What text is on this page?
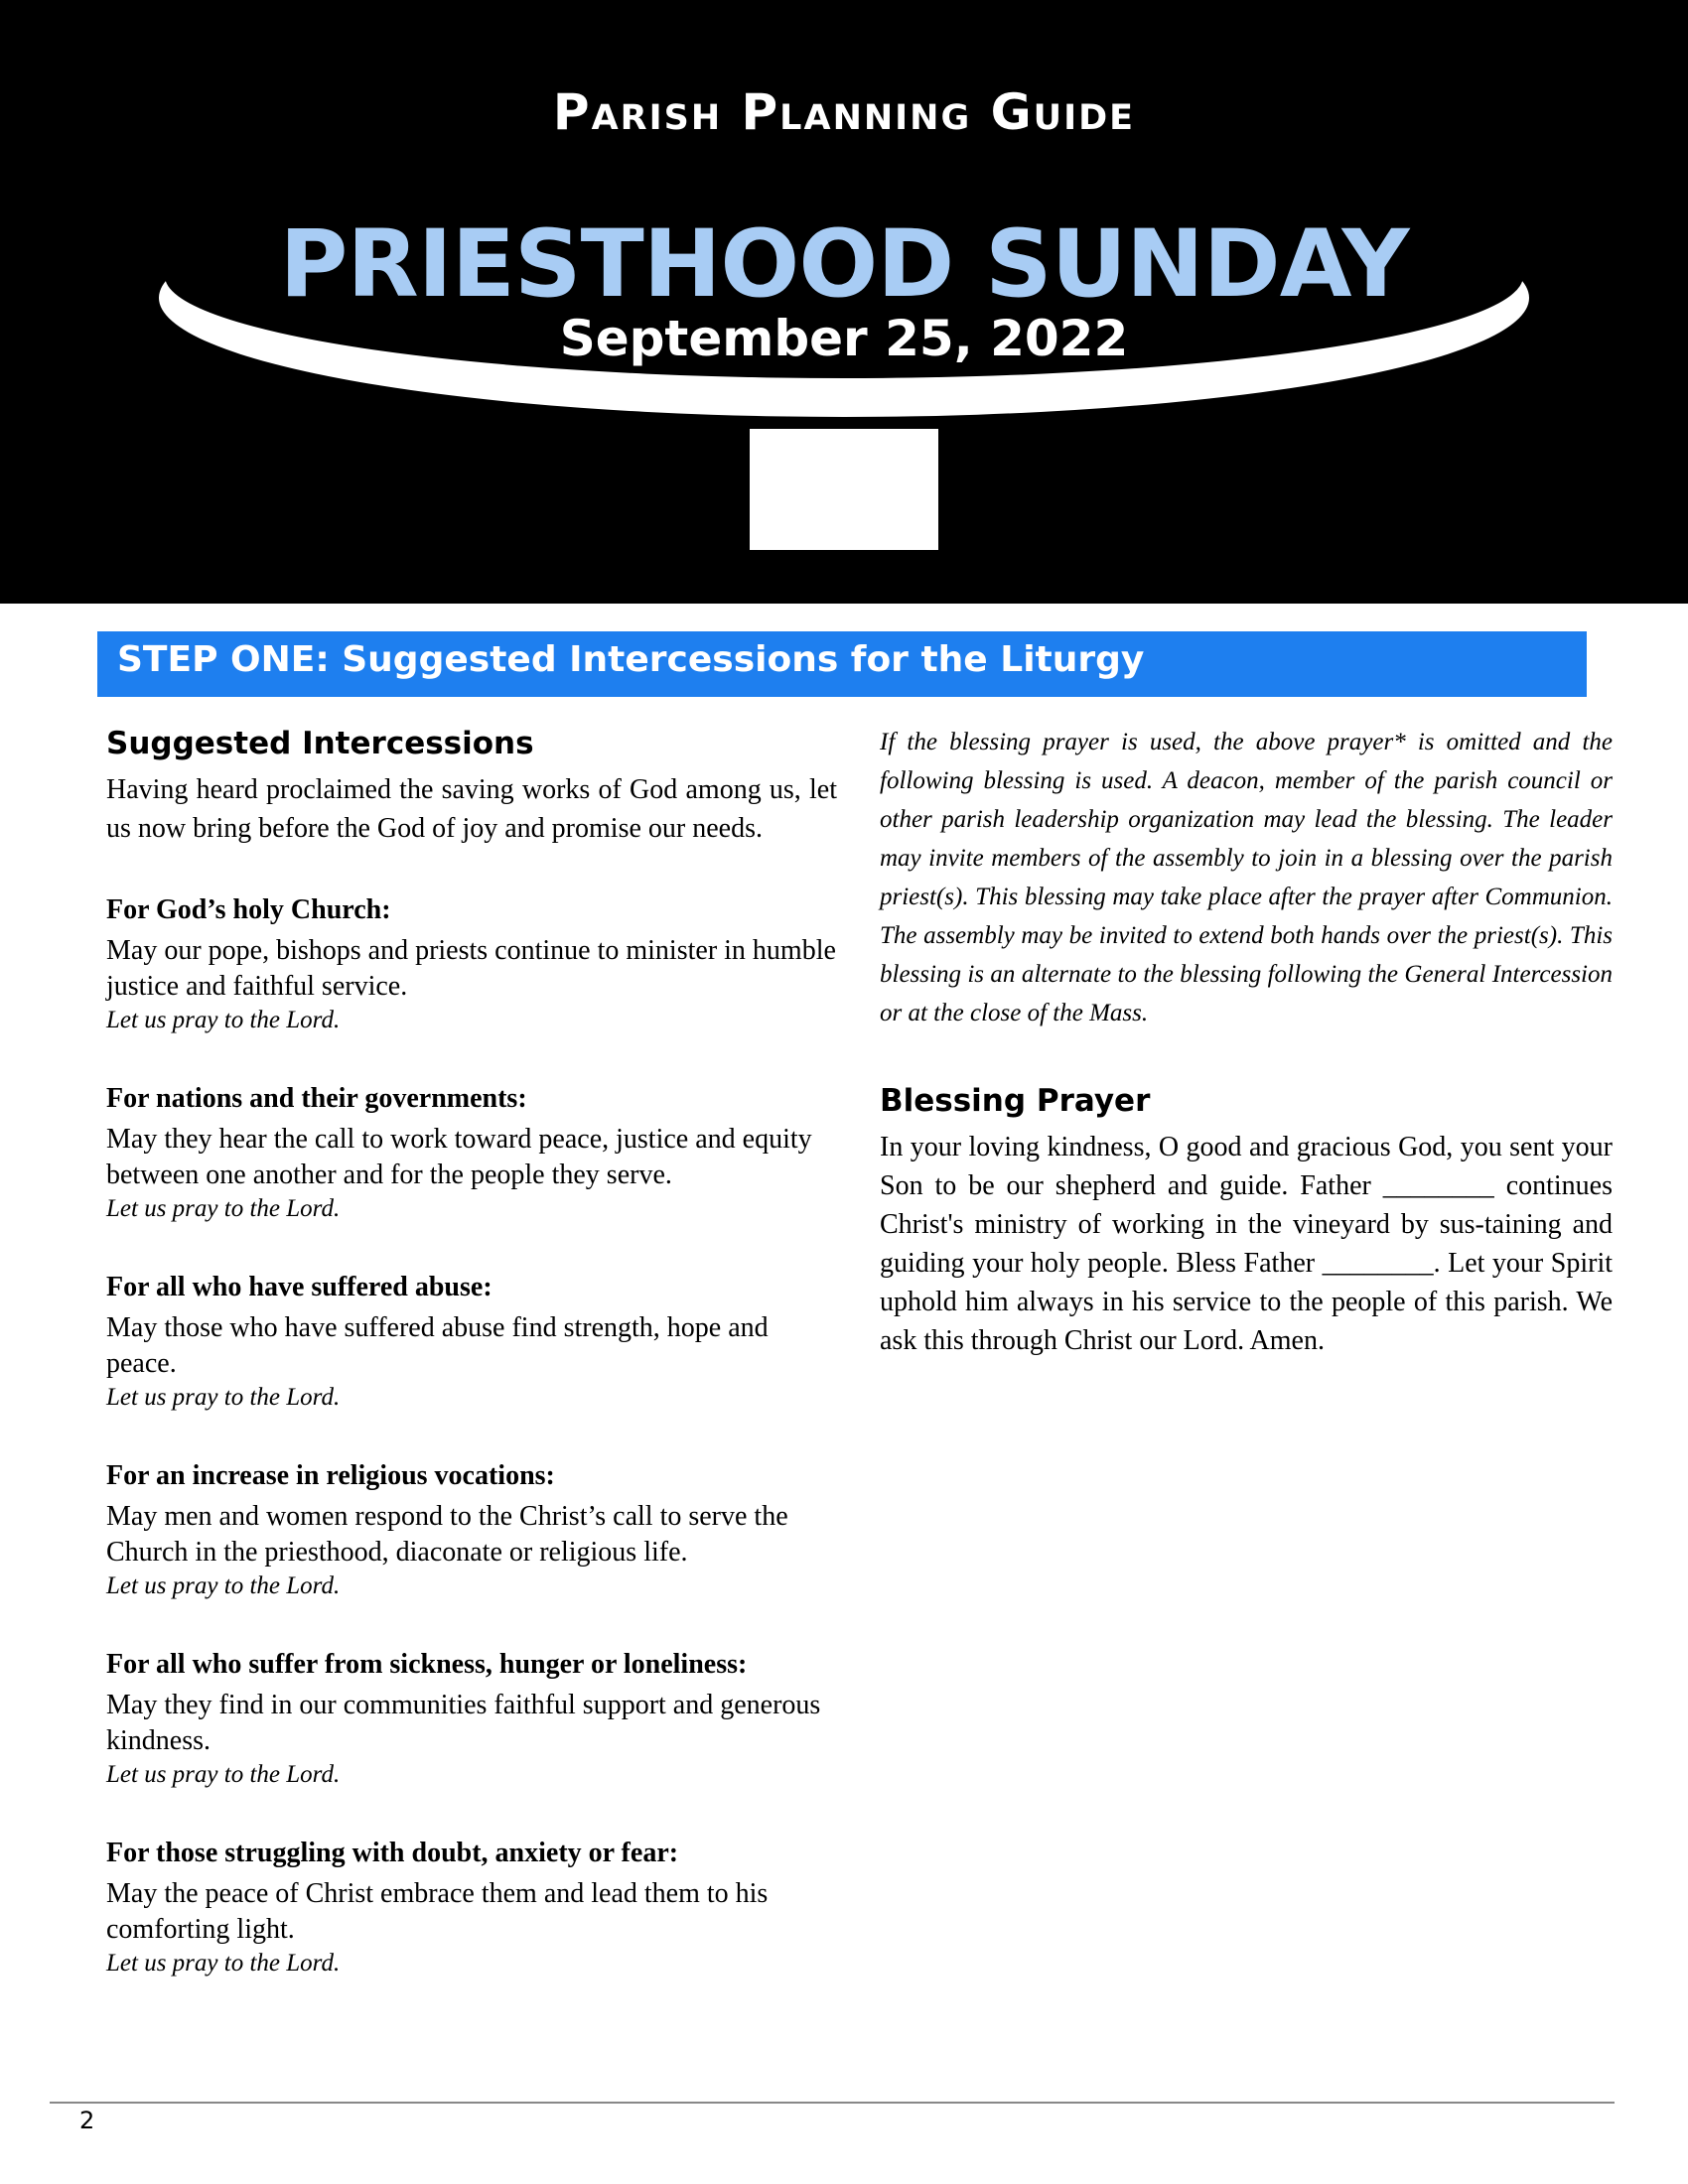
Parish Planning Guide
PRIESTHOOD SUNDAY
September 25, 2022
STEP ONE: Suggested Intercessions for the Liturgy
Suggested Intercessions

Having heard proclaimed the saving works of God among us, let us now bring before the God of joy and promise our needs.

For God’s holy Church:

May our pope, bishops and priests continue to minister in humble justice and faithful service.

Let us pray to the Lord.

For nations and their governments:

May they hear the call to work toward peace, justice and equity between one another and for the people they serve.

Let us pray to the Lord.

For all who have suffered abuse:

May those who have suffered abuse find strength, hope and peace.

Let us pray to the Lord.

For an increase in religious vocations:

May men and women respond to the Christ’s call to serve the Church in the priesthood, diaconate or religious life.

Let us pray to the Lord.

For all who suffer from sickness, hunger or loneliness:

May they find in our communities faithful support and generous kindness.

Let us pray to the Lord.

For those struggling with doubt, anxiety or fear:

May the peace of Christ embrace them and lead them to his comforting light.

Let us pray to the Lord.

If the blessing prayer is used, the above prayer* is omitted and the following blessing is used. A deacon, member of the parish council or other parish leadership organization may lead the blessing. The leader may invite members of the assembly to join in a blessing over the parish priest(s). This blessing may take place after the prayer after Communion. The assembly may be invited to extend both hands over the priest(s). This blessing is an alternate to the blessing following the General Intercession or at the close of the Mass.

Blessing Prayer

In your loving kindness, O good and gracious God, you sent your Son to be our shepherd and guide. Father ________ continues Christ's ministry of working in the vineyard by sus-taining and guiding your holy people. Bless Father ________. Let your Spirit uphold him always in his service to the people of this parish. We ask this through Christ our Lord. Amen.

2
